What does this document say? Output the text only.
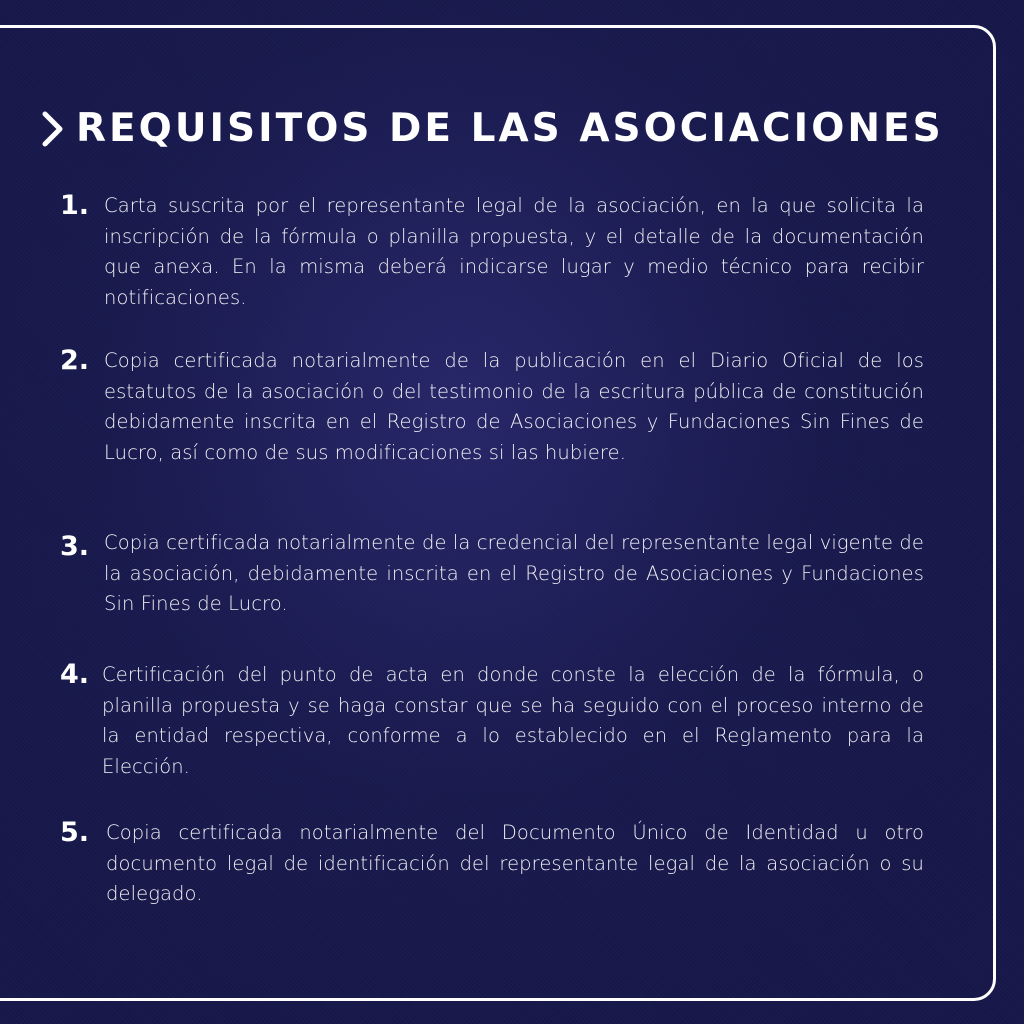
REQUISITOS DE LAS ASOCIACIONES
1. Carta suscrita por el representante legal de la asociación, en la que solicita la inscripción de la fórmula o planilla propuesta, y el detalle de la documentación que anexa. En la misma deberá indicarse lugar y medio técnico para recibir notificaciones.
2. Copia certificada notarialmente de la publicación en el Diario Oficial de los estatutos de la asociación o del testimonio de la escritura pública de constitución debidamente inscrita en el Registro de Asociaciones y Fundaciones Sin Fines de Lucro, así como de sus modificaciones si las hubiere.
3. Copia certificada notarialmente de la credencial del representante legal vigente de la asociación, debidamente inscrita en el Registro de Asociaciones y Fundaciones Sin Fines de Lucro.
4. Certificación del punto de acta en donde conste la elección de la fórmula, o planilla propuesta y se haga constar que se ha seguido con el proceso interno de la entidad respectiva, conforme a lo establecido en el Reglamento para la Elección.
5. Copia certificada notarialmente del Documento Único de Identidad u otro documento legal de identificación del representante legal de la asociación o su delegado.
